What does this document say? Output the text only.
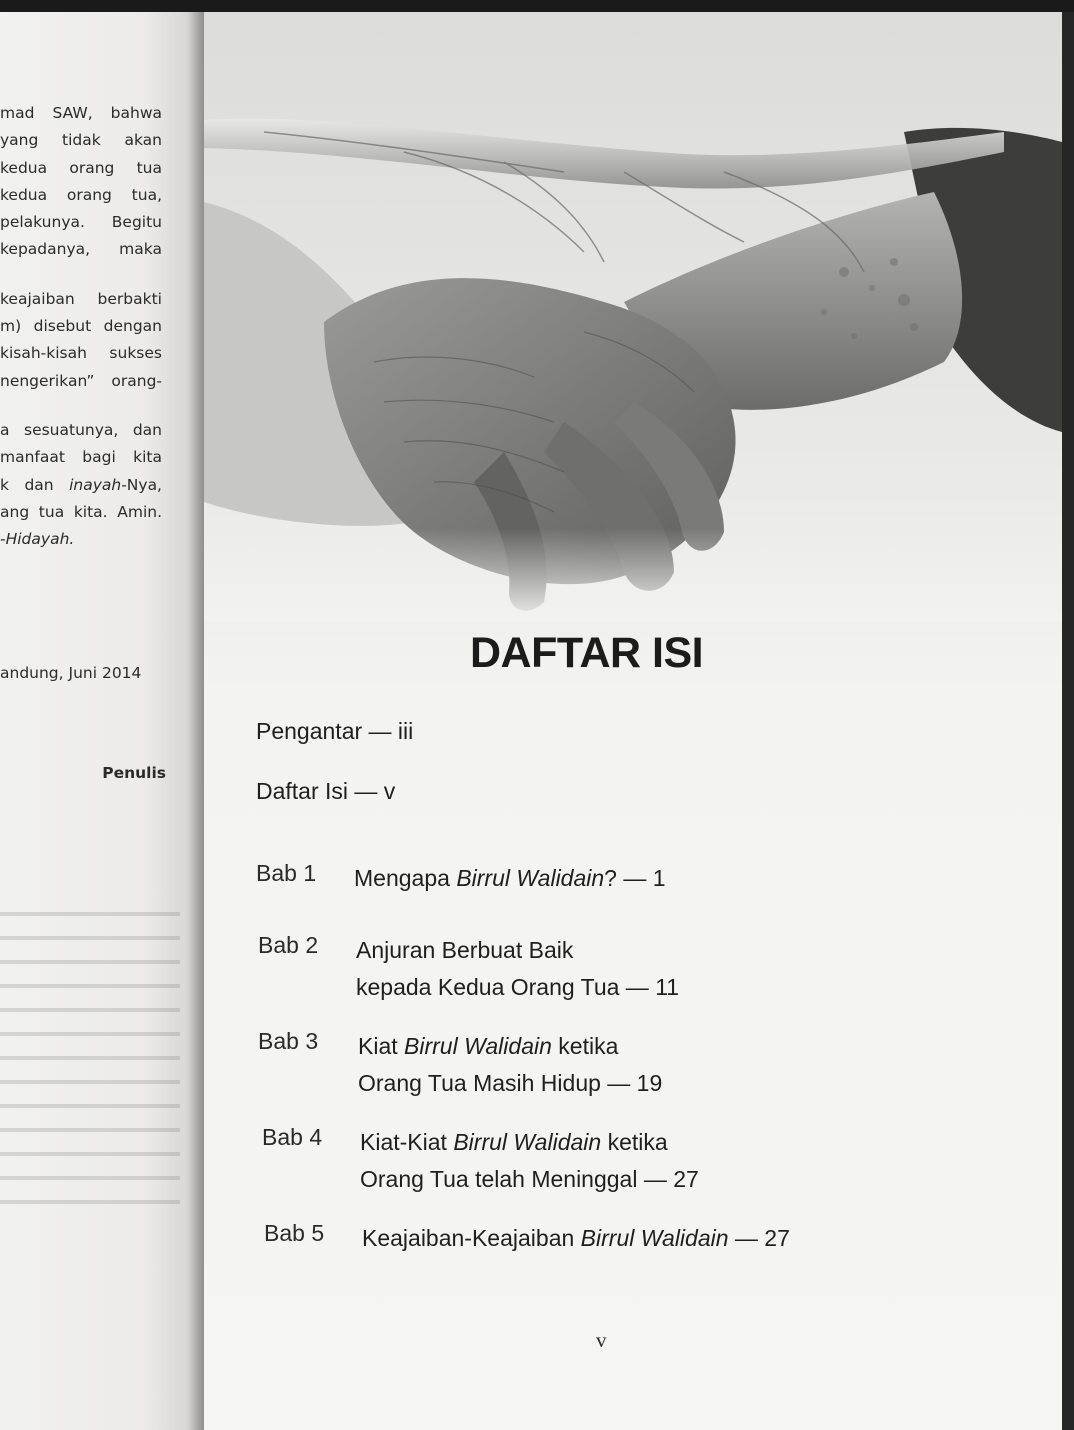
mad SAW, bahwa
yang tidak akan
kedua orang tua
kedua orang tua,
pelakunya. Begitu
kepadanya, maka
keajaiban berbakti
m) disebut dengan
kisah-kisah sukses
nengerikan” orang-
a sesuatunya, dan
manfaat bagi kita
k dan inayah-Nya,
ang tua kita. Amin.
-Hidayah.
andung, Juni 2014
Penulis

DAFTAR ISI
Pengantar — iii
Daftar Isi — v
Bab 1 Mengapa Birrul Walidain? — 1
Bab 2 Anjuran Berbuat Baik
kepada Kedua Orang Tua — 11
Bab 3 Kiat Birrul Walidain ketika
Orang Tua Masih Hidup — 19
Bab 4 Kiat-Kiat Birrul Walidain ketika
Orang Tua telah Meninggal — 27
Bab 5 Keajaiban-Keajaiban Birrul Walidain — 27
v
